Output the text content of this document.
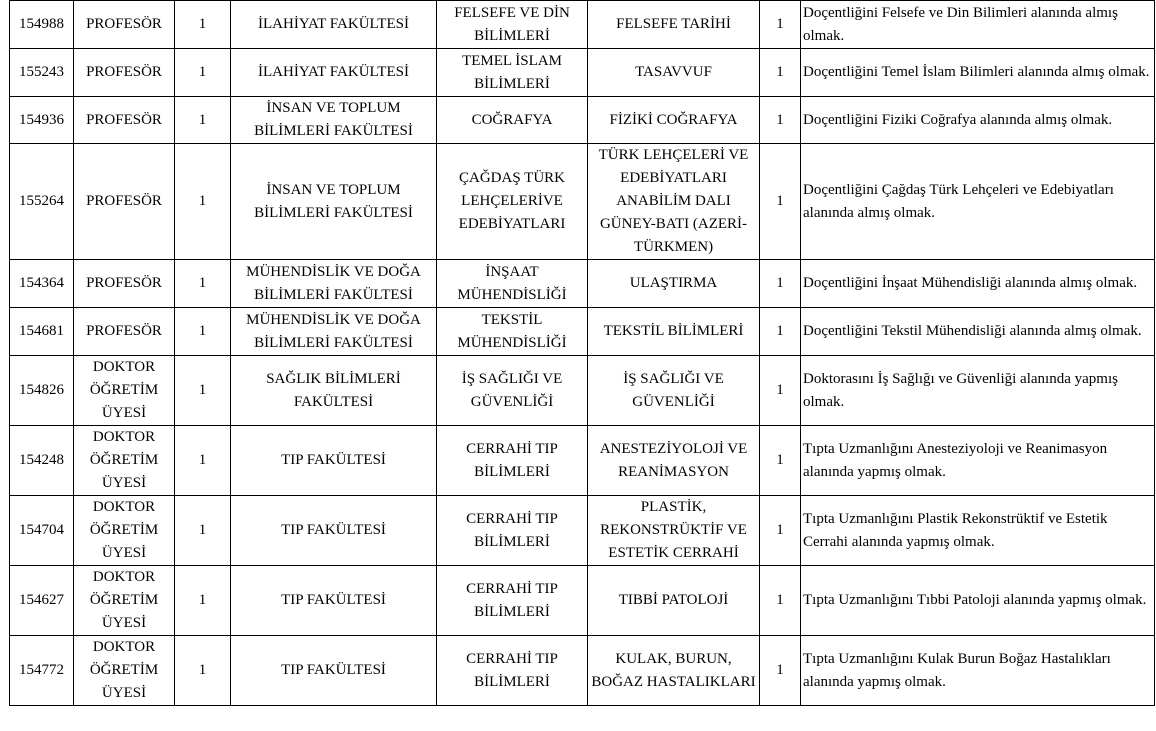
154988	PROFESÖR	1	İLAHİYAT FAKÜLTESİ	FELSEFE VE DİN BİLİMLERİ	FELSEFE TARİHİ	1	Doçentliğini Felsefe ve Din Bilimleri alanında almış olmak.
155243	PROFESÖR	1	İLAHİYAT FAKÜLTESİ	TEMEL İSLAM BİLİMLERİ	TASAVVUF	1	Doçentliğini Temel İslam Bilimleri alanında almış olmak.
154936	PROFESÖR	1	İNSAN VE TOPLUM BİLİMLERİ FAKÜLTESİ	COĞRAFYA	FİZİKİ COĞRAFYA	1	Doçentliğini Fiziki Coğrafya alanında almış olmak.
155264	PROFESÖR	1	İNSAN VE TOPLUM BİLİMLERİ FAKÜLTESİ	ÇAĞDAŞ TÜRK LEHÇELERİVE EDEBİYATLARI	TÜRK LEHÇELERİ VE EDEBİYATLARI ANABİLİM DALI GÜNEY-BATI (AZERİ-TÜRKMEN)	1	Doçentliğini Çağdaş Türk Lehçeleri ve Edebiyatları alanında almış olmak.
154364	PROFESÖR	1	MÜHENDİSLİK VE DOĞA BİLİMLERİ FAKÜLTESİ	İNŞAAT MÜHENDİSLİĞİ	ULAŞTIRMA	1	Doçentliğini İnşaat Mühendisliği alanında almış olmak.
154681	PROFESÖR	1	MÜHENDİSLİK VE DOĞA BİLİMLERİ FAKÜLTESİ	TEKSTİL MÜHENDİSLİĞİ	TEKSTİL BİLİMLERİ	1	Doçentliğini Tekstil Mühendisliği alanında almış olmak.
154826	DOKTOR ÖĞRETİM ÜYESİ	1	SAĞLIK BİLİMLERİ FAKÜLTESİ	İŞ SAĞLIĞI VE GÜVENLİĞİ	İŞ SAĞLIĞI VE GÜVENLİĞİ	1	Doktorasını İş Sağlığı ve Güvenliği alanında yapmış olmak.
154248	DOKTOR ÖĞRETİM ÜYESİ	1	TIP FAKÜLTESİ	CERRAHİ TIP BİLİMLERİ	ANESTEZİYOLOJİ VE REANİMASYON	1	Tıpta Uzmanlığını Anesteziyoloji ve Reanimasyon alanında yapmış olmak.
154704	DOKTOR ÖĞRETİM ÜYESİ	1	TIP FAKÜLTESİ	CERRAHİ TIP BİLİMLERİ	PLASTİK, REKONSTRÜKTİF VE ESTETİK CERRAHİ	1	Tıpta Uzmanlığını Plastik Rekonstrüktif ve Estetik Cerrahi alanında yapmış olmak.
154627	DOKTOR ÖĞRETİM ÜYESİ	1	TIP FAKÜLTESİ	CERRAHİ TIP BİLİMLERİ	TIBBİ PATOLOJİ	1	Tıpta Uzmanlığını Tıbbi Patoloji alanında yapmış olmak.
154772	DOKTOR ÖĞRETİM ÜYESİ	1	TIP FAKÜLTESİ	CERRAHİ TIP BİLİMLERİ	KULAK, BURUN, BOĞAZ HASTALIKLARI	1	Tıpta Uzmanlığını Kulak Burun Boğaz Hastalıkları alanında yapmış olmak.
